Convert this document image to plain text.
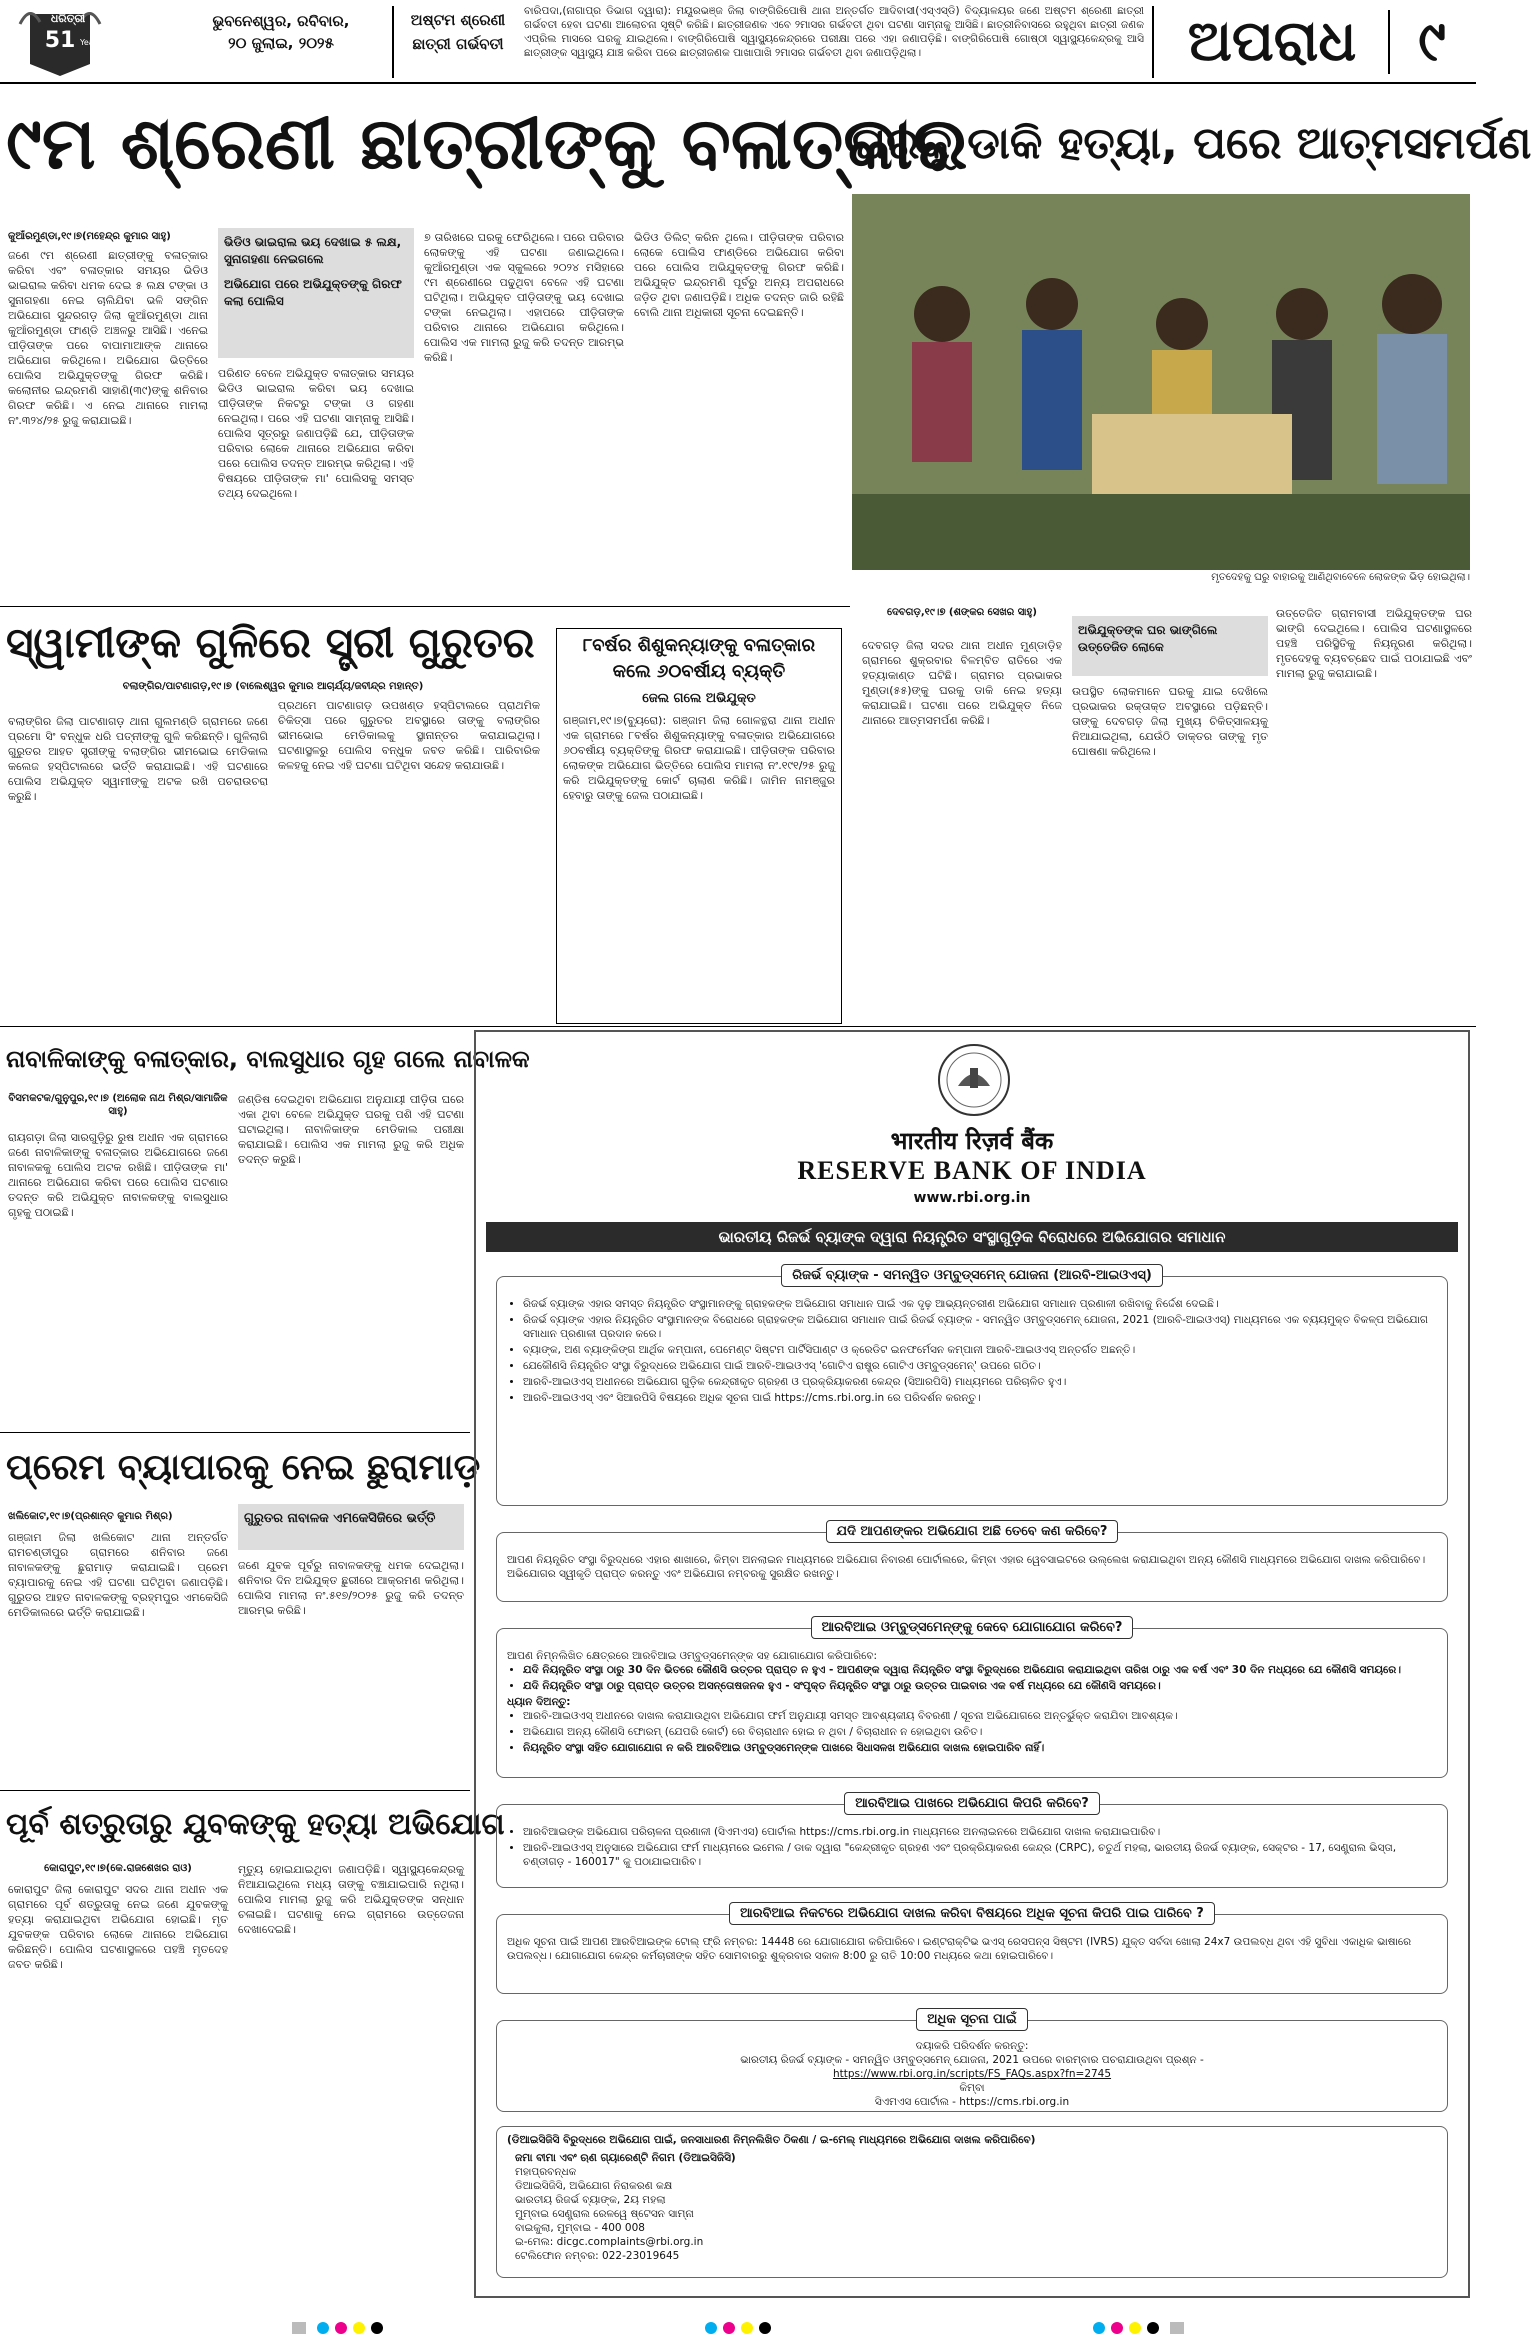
ଧରିତ୍ରୀ
51 Years
ଭୁବନେଶ୍ୱର, ରବିବାର,
୨୦ ଜୁଲାଇ, ୨୦୨୫
ଅଷ୍ଟମ ଶ୍ରେଣୀ
ଛାତ୍ରୀ ଗର୍ଭବତୀ
ବାରିପଦା,(ନାଗାପ୍ର ଡିଭାଗ ଦ୍ୱାରା): ମୟୂରଭଞ୍ଜ ଜିଲା ବାଙ୍ଗିରିପୋଷି ଥାନା ଅନ୍ତର୍ଗତ ଆଦିବାସୀ(ଏସ୍‌ଏସ୍‌ଡି) ବିଦ୍ୟାଳୟର ଜଣେ ଅଷ୍ଟମ ଶ୍ରେଣୀ ଛାତ୍ରୀ ଗର୍ଭବତୀ ହେବା ଘଟଣା ଆଲୋଚନା ସୃଷ୍ଟି କରିଛି। ଛାତ୍ରୀଜଣକ ଏବେ ୨ମାସର ଗର୍ଭବତୀ ଥିବା ଘଟଣା ସାମ୍ନାକୁ ଆସିଛି। ଛାତ୍ରୀନିବାସରେ ରହୁଥିବା ଛାତ୍ରୀ ଜଣକ ଏପ୍ରିଲ ମାସରେ ଘରକୁ ଯାଇଥିଲେ। ବାଙ୍ଗିରିପୋଷି ସ୍ୱାସ୍ଥ୍ୟକେନ୍ଦ୍ରରେ ପରୀକ୍ଷା ପରେ ଏହା ଜଣାପଡ଼ିଛି। ବାଙ୍ଗିରିପୋଷି ଗୋଷ୍ଠୀ ସ୍ୱାସ୍ଥ୍ୟକେନ୍ଦ୍ରକୁ ଆସି ଛାତ୍ରୀଙ୍କ ସ୍ୱାସ୍ଥ୍ୟ ଯାଞ୍ଚ କରିବା ପରେ ଛାତ୍ରୀଜଣକ ପାଖାପାଖି ୨ମାସର ଗର୍ଭବତୀ ଥିବା ଜଣାପଡ଼ିଥିଲା।	ଅପରାଧ	୯
୯ମ ଶ୍ରେଣୀ ଛାତ୍ରୀଙ୍କୁ ବଳାତ୍କାର
କୁଆଁରମୁଣ୍ଡା,୧୯।୭(ମହେନ୍ଦ୍ର କୁମାର ସାହୁ)
ଜଣେ ୯ମ ଶ୍ରେଣୀ ଛାତ୍ରୀଙ୍କୁ ବଳାତ୍କାର କରିବା ଏବଂ ବଳାତ୍କାର ସମୟର ଭିଡିଓ ଭାଇରାଲ କରିବା ଧମକ ଦେଇ ୫ ଲକ୍ଷ ଟଙ୍କା ଓ ସୁନାଗହଣା ନେଇ ଚାଲିଯିବା ଭଳି ସଙ୍ଗିନ ଅଭିଯୋଗ ସୁନ୍ଦରଗଡ଼ ଜିଲା କୁଆଁରମୁଣ୍ଡା ଥାନା କୁଆଁରମୁଣ୍ଡା ଫାଣ୍ଡି ଅଞ୍ଚଳରୁ ଆସିଛି। ଏନେଇ ପୀଡ଼ିତାଙ୍କ ପରେ ବାପାମାଆଙ୍କ ଥାନାରେ ଅଭିଯୋଗ କରିଥିଲେ। ଅଭିଯୋଗ ଭିତ୍ତିରେ ପୋଲିସ ଅଭିଯୁକ୍ତଙ୍କୁ ଗିରଫ କରିଛି। କଲୋନୀର ଇନ୍ଦ୍ରମଣି ସାହାଣି(୩୯)ଙ୍କୁ ଶନିବାର ଗିରଫ କରିଛି। ଏ ନେଇ ଥାନାରେ ମାମଲା ନଂ.୩୨୪/୨୫ ରୁଜୁ କରାଯାଇଛି।
ଭିଡିଓ ଭାଇରାଲ ଭୟ ଦେଖାଇ ୫ ଲକ୍ଷ, ସୁନାଗହଣା ନେଇଗଲେ
ଅଭିଯୋଗ ପରେ ଅଭିଯୁକ୍ତଙ୍କୁ ଗିରଫ କଲା ପୋଲିସ
ପରିଣତ ବେଳେ ଅଭିଯୁକ୍ତ ବଳାତ୍କାର ସମୟର ଭିଡିଓ ଭାଇରାଲ କରିବା ଭୟ ଦେଖାଇ ପୀଡ଼ିତାଙ୍କ ନିକଟରୁ ଟଙ୍କା ଓ ଗହଣା ନେଇଥିଲା। ପରେ ଏହି ଘଟଣା ସାମ୍ନାକୁ ଆସିଛି। ପୋଲିସ ସୂତ୍ରରୁ ଜଣାପଡ଼ିଛି ଯେ, ପୀଡ଼ିତାଙ୍କ ପରିବାର ଲୋକେ ଥାନାରେ ଅଭିଯୋଗ କରିବା ପରେ ପୋଲିସ ତଦନ୍ତ ଆରମ୍ଭ କରିଥିଲା। ଏହି ବିଷୟରେ ପୀଡ଼ିତାଙ୍କ ମା' ପୋଲିସକୁ ସମସ୍ତ ତଥ୍ୟ ଦେଇଥିଲେ।
୭ ତାରିଖରେ ଘରକୁ ଫେରିଥିଲେ। ପରେ ପରିବାର ଲୋକଙ୍କୁ ଏହି ଘଟଣା ଜଣାଇଥିଲେ। କୁଆଁରମୁଣ୍ଡା ଏକ ସ୍କୁଲରେ ୨୦୨୪ ମସିହାରେ ୯ମ ଶ୍ରେଣୀରେ ପଢୁଥିବା ବେଳେ ଏହି ଘଟଣା ଘଟିଥିଲା। ଅଭିଯୁକ୍ତ ପୀଡ଼ିତାଙ୍କୁ ଭୟ ଦେଖାଇ ଟଙ୍କା ନେଇଥିଲା। ଏହାପରେ ପୀଡ଼ିତାଙ୍କ ପରିବାର ଥାନାରେ ଅଭିଯୋଗ କରିଥିଲେ। ପୋଲିସ ଏକ ମାମଲା ରୁଜୁ କରି ତଦନ୍ତ ଆରମ୍ଭ କରିଛି।
ଭିଡିଓ ଡିଲିଟ୍ କରିନ ଥିଲେ। ପୀଡ଼ିତାଙ୍କ ପରିବାର ଲୋକେ ପୋଲିସ ଫାଣ୍ଡିରେ ଅଭିଯୋଗ କରିବା ପରେ ପୋଲିସ ଅଭିଯୁକ୍ତଙ୍କୁ ଗିରଫ କରିଛି। ଅଭିଯୁକ୍ତ ଇନ୍ଦ୍ରମଣି ପୂର୍ବରୁ ଅନ୍ୟ ଅପରାଧରେ ଜଡ଼ିତ ଥିବା ଜଣାପଡ଼ିଛି। ଅଧିକ ତଦନ୍ତ ଜାରି ରହିଛି ବୋଲି ଥାନା ଅଧିକାରୀ ସୂଚନା ଦେଇଛନ୍ତି।
ଘରକୁ ଡାକି ହତ୍ୟା, ପରେ ଆତ୍ମସମର୍ପଣ
ମୃତଦେହକୁ ଘରୁ ବାହାରକୁ ଆଣିଥିବାବେଳେ ଲୋକଙ୍କ ଭିଡ଼ ହୋଇଥିଲା।
ଦେବଗଡ଼,୧୯।୭ (ଶଙ୍କର ସେଖର ସାହୁ)
ଦେବଗଡ଼ ଜିଲା ସଦର ଥାନା ଅଧୀନ ମୁଣ୍ଡାଡ଼ିହ ଗ୍ରାମରେ ଶୁକ୍ରବାର ବିଳମ୍ବିତ ରାତିରେ ଏକ ହତ୍ୟାକାଣ୍ଡ ଘଟିଛି। ଗ୍ରାମର ପ୍ରଭାକର ମୁଣ୍ଡା(୫୫)ଙ୍କୁ ଘରକୁ ଡାକି ନେଇ ହତ୍ୟା କରାଯାଇଛି। ଘଟଣା ପରେ ଅଭିଯୁକ୍ତ ନିଜେ ଥାନାରେ ଆତ୍ମସମର୍ପଣ କରିଛି।
ଅଭିଯୁକ୍ତଙ୍କ ଘର ଭାଙ୍ଗିଲେ ଉତ୍ତେଜିତ ଲୋକେ
ଉପସ୍ଥିତ ଲୋକମାନେ ଘରକୁ ଯାଇ ଦେଖିଲେ ପ୍ରଭାକର ରକ୍ତାକ୍ତ ଅବସ୍ଥାରେ ପଡ଼ିଛନ୍ତି। ତାଙ୍କୁ ଦେବଗଡ଼ ଜିଲା ମୁଖ୍ୟ ଚିକିତ୍ସାଳୟକୁ ନିଆଯାଇଥିଲା, ଯେଉଁଠି ଡାକ୍ତର ତାଙ୍କୁ ମୃତ ଘୋଷଣା କରିଥିଲେ।
ଉତ୍ତେଜିତ ଗ୍ରାମବାସୀ ଅଭିଯୁକ୍ତଙ୍କ ଘର ଭାଙ୍ଗି ଦେଇଥିଲେ। ପୋଲିସ ଘଟଣାସ୍ଥଳରେ ପହଞ୍ଚି ପରିସ୍ଥିତିକୁ ନିୟନ୍ତ୍ରଣ କରିଥିଲା। ମୃତଦେହକୁ ବ୍ୟବଚ୍ଛେଦ ପାଇଁ ପଠାଯାଇଛି ଏବଂ ମାମଲା ରୁଜୁ କରାଯାଇଛି।
ସ୍ୱାମୀଙ୍କ ଗୁଳିରେ ସ୍ତ୍ରୀ ଗୁରୁତର
ବଲାଙ୍ଗିର/ପାଟଣାଗଡ଼,୧୯।୭ (ବାଲେଶ୍ୱର କୁମାର ଆଚାର୍ଯ୍ୟ/ଜବୀନ୍ଦ୍ର ମହାନ୍ତ)
ବଲାଙ୍ଗିର ଜିଲା ପାଟଣାଗଡ଼ ଥାନା ଗୁଲମଣ୍ଡି ଗ୍ରାମରେ ଜଣେ ପ୍ରମୋ ସିଂ ବନ୍ଧୁକ ଧରି ପତ୍ନୀଙ୍କୁ ଗୁଳି କରିଛନ୍ତି। ଗୁଳିଲାଗି ଗୁରୁତର ଆହତ ସ୍ତ୍ରୀଙ୍କୁ ବଲାଙ୍ଗିର ଭୀମଭୋଇ ମେଡିକାଲ କଲେଜ ହସ୍ପିଟାଲରେ ଭର୍ତ୍ତି କରାଯାଇଛି। ଏହି ଘଟଣାରେ ପୋଲିସ ଅଭିଯୁକ୍ତ ସ୍ୱାମୀଙ୍କୁ ଅଟକ ରଖି ପଚରାଉଚରା କରୁଛି।
ପ୍ରଥମେ ପାଟଣାଗଡ଼ ଉପଖଣ୍ଡ ହସ୍ପିଟାଲରେ ପ୍ରାଥମିକ ଚିକିତ୍ସା ପରେ ଗୁରୁତର ଅବସ୍ଥାରେ ତାଙ୍କୁ ବଲାଙ୍ଗିର ଭୀମଭୋଇ ମେଡିକାଲକୁ ସ୍ଥାନାନ୍ତର କରାଯାଇଥିଲା। ଘଟଣାସ୍ଥଳରୁ ପୋଲିସ ବନ୍ଧୁକ ଜବତ କରିଛି। ପାରିବାରିକ କଳହକୁ ନେଇ ଏହି ଘଟଣା ଘଟିଥିବା ସନ୍ଦେହ କରାଯାଉଛି।
୮ବର୍ଷର ଶିଶୁକନ୍ୟାଙ୍କୁ ବଳାତ୍କାର
କଲେ ୬୦ବର୍ଷୀୟ ବ୍ୟକ୍ତି
ଜେଲ ଗଲେ ଅଭିଯୁକ୍ତ
ଗଞ୍ଜାମ,୧୯।୭(ବ୍ୟୁରୋ): ଗଞ୍ଜାମ ଜିଲା ଗୋଳନ୍ଥରା ଥାନା ଅଧୀନ ଏକ ଗ୍ରାମରେ ୮ବର୍ଷର ଶିଶୁକନ୍ୟାଙ୍କୁ ବଳାତ୍କାର ଅଭିଯୋଗରେ ୬୦ବର୍ଷୀୟ ବ୍ୟକ୍ତିଙ୍କୁ ଗିରଫ କରାଯାଇଛି। ପୀଡ଼ିତାଙ୍କ ପରିବାର ଲୋକଙ୍କ ଅଭିଯୋଗ ଭିତ୍ତିରେ ପୋଲିସ ମାମଲା ନଂ.୧୯୧/୨୫ ରୁଜୁ କରି ଅଭିଯୁକ୍ତଙ୍କୁ କୋର୍ଟ ଚାଲାଣ କରିଛି। ଜାମିନ ନାମଞ୍ଜୁର ହେବାରୁ ତାଙ୍କୁ ଜେଲ ପଠାଯାଇଛି।
ନାବାଳିକାଙ୍କୁ ବଳାତ୍କାର, ବାଲସୁଧାର ଗୃହ ଗଲେ ନାବାଳକ
ବିସମକଟକ/ଗୁନୁପୁର,୧୯।୭ (ଅଲୋକ ନାଥ ମିଶ୍ର/ସାମାଜିକ ସାହୁ)
ରାୟଗଡ଼ା ଜିଲା ସାରଗୁଡ଼ିରୁ ରୁଷ ଅଧୀନ ଏକ ଗ୍ରାମରେ ଜଣେ ନାବାଳିକାଙ୍କୁ ବଳାତ୍କାର ଅଭିଯୋଗରେ ଜଣେ ନାବାଳକକୁ ପୋଲିସ ଅଟକ ରଖିଛି। ପୀଡ଼ିତାଙ୍କ ମା' ଥାନାରେ ଅଭିଯୋଗ କରିବା ପରେ ପୋଲିସ ଘଟଣାର ତଦନ୍ତ କରି ଅଭିଯୁକ୍ତ ନାବାଳକଙ୍କୁ ବାଲସୁଧାର ଗୃହକୁ ପଠାଇଛି।
ଜଣ୍ଡିଷ ଦେଇଥିବା ଅଭିଯୋଗ ଅନୁଯାୟୀ ପୀଡ଼ିତା ଘରେ ଏକା ଥିବା ବେଳେ ଅଭିଯୁକ୍ତ ଘରକୁ ପଶି ଏହି ଘଟଣା ଘଟାଇଥିଲା। ନାବାଳିକାଙ୍କ ମେଡିକାଲ ପରୀକ୍ଷା କରାଯାଇଛି। ପୋଲିସ ଏକ ମାମଲା ରୁଜୁ କରି ଅଧିକ ତଦନ୍ତ କରୁଛି।
ପ୍ରେମ ବ୍ୟାପାରକୁ ନେଇ ଛୁରାମାଡ଼
ଖଲିକୋଟ,୧୯।୭(ପ୍ରଶାନ୍ତ କୁମାର ମିଶ୍ର)
ଗଞ୍ଜାମ ଜିଲା ଖଲିକୋଟ ଥାନା ଅନ୍ତର୍ଗତ ରାମଚଣ୍ଡୀପୁର ଗ୍ରାମରେ ଶନିବାର ଜଣେ ନାବାଳକଙ୍କୁ ଛୁରାମାଡ଼ କରାଯାଇଛି। ପ୍ରେମ ବ୍ୟାପାରକୁ ନେଇ ଏହି ଘଟଣା ଘଟିଥିବା ଜଣାପଡ଼ିଛି। ଗୁରୁତର ଆହତ ନାବାଳକଙ୍କୁ ବ୍ରହ୍ମପୁର ଏମକେସିଜି ମେଡିକାଲରେ ଭର୍ତ୍ତି କରାଯାଇଛି।
ଗୁରୁତର ନାବାଳକ ଏମକେସିଜିରେ ଭର୍ତ୍ତି
ଜଣେ ଯୁବକ ପୂର୍ବରୁ ନାବାଳକଙ୍କୁ ଧମକ ଦେଇଥିଲା। ଶନିବାର ଦିନ ଅଭିଯୁକ୍ତ ଛୁରୀରେ ଆକ୍ରମଣ କରିଥିଲା। ପୋଲିସ ମାମଲା ନଂ.୫୧୭/୨୦୨୫ ରୁଜୁ କରି ତଦନ୍ତ ଆରମ୍ଭ କରିଛି।
ପୂର୍ବ ଶତ୍ରୁତାରୁ ଯୁବକଙ୍କୁ ହତ୍ୟା ଅଭିଯୋଗ
କୋରାପୁଟ,୧୯।୭(କେ.ରାଜଶେଖର ରାଓ)
କୋରାପୁଟ ଜିଲା କୋରାପୁଟ ସଦର ଥାନା ଅଧୀନ ଏକ ଗ୍ରାମରେ ପୂର୍ବ ଶତ୍ରୁତାକୁ ନେଇ ଜଣେ ଯୁବକଙ୍କୁ ହତ୍ୟା କରାଯାଇଥିବା ଅଭିଯୋଗ ହୋଇଛି। ମୃତ ଯୁବକଙ୍କ ପରିବାର ଲୋକେ ଥାନାରେ ଅଭିଯୋଗ କରିଛନ୍ତି। ପୋଲିସ ଘଟଣାସ୍ଥଳରେ ପହଞ୍ଚି ମୃତଦେହ ଜବତ କରିଛି।
ମୃତ୍ୟୁ ହୋଇଯାଇଥିବା ଜଣାପଡ଼ିଛି। ସ୍ୱାସ୍ଥ୍ୟକେନ୍ଦ୍ରକୁ ନିଆଯାଇଥିଲେ ମଧ୍ୟ ତାଙ୍କୁ ବଞ୍ଚାଯାଇପାରି ନଥିଲା। ପୋଲିସ ମାମଲା ରୁଜୁ କରି ଅଭିଯୁକ୍ତଙ୍କ ସନ୍ଧାନ ଚଳାଇଛି। ଘଟଣାକୁ ନେଇ ଗ୍ରାମରେ ଉତ୍ତେଜନା ଦେଖାଦେଇଛି।
भारतीय रिज़र्व बैंक
RESERVE BANK OF INDIA
www.rbi.org.in
ଭାରତୀୟ ରିଜର୍ଭ ବ୍ୟାଙ୍କ ଦ୍ୱାରା ନିୟନ୍ତ୍ରିତ ସଂସ୍ଥାଗୁଡ଼ିକ ବିରୋଧରେ ଅଭିଯୋଗର ସମାଧାନ
• ରିଜର୍ଭ ବ୍ୟାଙ୍କ ଏହାର ସମସ୍ତ ନିୟନ୍ତ୍ରିତ ସଂସ୍ଥାମାନଙ୍କୁ ଗ୍ରାହକଙ୍କ ଅଭିଯୋଗ ସମାଧାନ ପାଇଁ ଏକ ଦୃଢ଼ ଆଭ୍ୟନ୍ତରୀଣ ଅଭିଯୋଗ ସମାଧାନ ପ୍ରଣାଳୀ ରଖିବାକୁ ନିର୍ଦ୍ଦେଶ ଦେଇଛି।
• ରିଜର୍ଭ ବ୍ୟାଙ୍କ ଏହାର ନିୟନ୍ତ୍ରିତ ସଂସ୍ଥାମାନଙ୍କ ବିରୋଧରେ ଗ୍ରାହକଙ୍କ ଅଭିଯୋଗ ସମାଧାନ ପାଇଁ ରିଜର୍ଭ ବ୍ୟାଙ୍କ - ସମନ୍ୱିତ ଓମ୍ବୁଡ୍‌ସମେନ୍ ଯୋଜନା, 2021 (ଆରବି-ଆଇଓଏସ୍) ମାଧ୍ୟମରେ ଏକ ବ୍ୟୟମୁକ୍ତ ବିକଳ୍ପ ଅଭିଯୋଗ ସମାଧାନ ପ୍ରଣାଳୀ ପ୍ରଦାନ କରେ।
• ବ୍ୟାଙ୍କ, ଅଣ ବ୍ୟାଙ୍କିଙ୍ଗ ଆର୍ଥିକ କମ୍ପାନୀ, ପେମେଣ୍ଟ ସିଷ୍ଟମ ପାର୍ଟିସିପାଣ୍ଟ ଓ କ୍ରେଡିଟ ଇନଫର୍ମେସନ କମ୍ପାନୀ ଆରବି-ଆଇଓଏସ୍ ଅନ୍ତର୍ଗତ ଅଛନ୍ତି।
• ଯେକୌଣସି ନିୟନ୍ତ୍ରିତ ସଂସ୍ଥା ବିରୁଦ୍ଧରେ ଅଭିଯୋଗ ପାଇଁ ଆରବି-ଆଇଓଏସ୍ 'ଗୋଟିଏ ରାଷ୍ଟ୍ର ଗୋଟିଏ ଓମ୍ବୁଡ୍‌ସମେନ୍' ଉପରେ ଗଠିତ।
• ଆରବି-ଆଇଓଏସ୍ ଅଧୀନରେ ଅଭିଯୋଗ ଗୁଡ଼ିକ କେନ୍ଦ୍ରୀକୃତ ଗ୍ରହଣ ଓ ପ୍ରକ୍ରିୟାକରଣ କେନ୍ଦ୍ର (ସିଆରପିସି) ମାଧ୍ୟମରେ ପରିଚାଳିତ ହୁଏ।
• ଆରବି-ଆଇଓଏସ୍ ଏବଂ ସିଆରପିସି ବିଷୟରେ ଅଧିକ ସୂଚନା ପାଇଁ https://cms.rbi.org.in ରେ ପରିଦର୍ଶନ କରନ୍ତୁ।
ରିଜର୍ଭ ବ୍ୟାଙ୍କ - ସମନ୍ୱିତ ଓମ୍ବୁଡ୍‌ସମେନ୍ ଯୋଜନା (ଆରବି-ଆଇଓଏସ୍)
ଆପଣ ନିୟନ୍ତ୍ରିତ ସଂସ୍ଥା ବିରୁଦ୍ଧରେ ଏହାର ଶାଖାରେ, କିମ୍ବା ଅନଲାଇନ ମାଧ୍ୟମରେ ଅଭିଯୋଗ ନିବାରଣ ପୋର୍ଟାଲରେ, କିମ୍ବା ଏହାର ୱେବସାଇଟରେ ଉଲ୍ଲେଖ କରାଯାଇଥିବା ଅନ୍ୟ କୌଣସି ମାଧ୍ୟମରେ ଅଭିଯୋଗ ଦାଖଲ କରିପାରିବେ। ଅଭିଯୋଗର ସ୍ୱୀକୃତି ପ୍ରାପ୍ତ କରନ୍ତୁ ଏବଂ ଅଭିଯୋଗ ନମ୍ବରକୁ ସୁରକ୍ଷିତ ରଖନ୍ତୁ।
ଯଦି ଆପଣଙ୍କର ଅଭିଯୋଗ ଅଛି ତେବେ କଣ କରିବେ?
ଆପଣ ନିମ୍ନଲିଖିତ କ୍ଷେତ୍ରରେ ଆରବିଆଇ ଓମ୍ବୁଡ୍‌ସମେନ୍‌ଙ୍କ ସହ ଯୋଗାଯୋଗ କରିପାରିବେ:
• ଯଦି ନିୟନ୍ତ୍ରିତ ସଂସ୍ଥା ଠାରୁ 30 ଦିନ ଭିତରେ କୌଣସି ଉତ୍ତର ପ୍ରାପ୍ତ ନ ହୁଏ - ଆପଣଙ୍କ ଦ୍ୱାରା ନିୟନ୍ତ୍ରିତ ସଂସ୍ଥା ବିରୁଦ୍ଧରେ ଅଭିଯୋଗ କରାଯାଇଥିବା ତାରିଖ ଠାରୁ ଏକ ବର୍ଷ ଏବଂ 30 ଦିନ ମଧ୍ୟରେ ଯେ କୌଣସି ସମୟରେ।
• ଯଦି ନିୟନ୍ତ୍ରିତ ସଂସ୍ଥା ଠାରୁ ପ୍ରାପ୍ତ ଉତ୍ତର ଅସନ୍ତୋଷଜନକ ହୁଏ - ସଂପୃକ୍ତ ନିୟନ୍ତ୍ରିତ ସଂସ୍ଥା ଠାରୁ ଉତ୍ତର ପାଇବାର ଏକ ବର୍ଷ ମଧ୍ୟରେ ଯେ କୌଣସି ସମୟରେ।
ଧ୍ୟାନ ଦିଅନ୍ତୁ:
• ଆରବି-ଆଇଓଏସ୍ ଅଧୀନରେ ଦାଖଲ କରାଯାଉଥିବା ଅଭିଯୋଗ ଫର୍ମ ଅନୁଯାୟୀ ସମସ୍ତ ଆବଶ୍ୟକୀୟ ବିବରଣୀ / ସୂଚନା ଅଭିଯୋଗରେ ଅନ୍ତର୍ଭୁକ୍ତ କରାଯିବା ଆବଶ୍ୟକ।
• ଅଭିଯୋଗ ଅନ୍ୟ କୌଣସି ଫୋରମ୍ (ଯେପରି କୋର୍ଟ) ରେ ବିଚାରାଧୀନ ହୋଇ ନ ଥିବା / ବିଚାରାଧୀନ ନ ହୋଇଥିବା ଉଚିତ।
• ନିୟନ୍ତ୍ରିତ ସଂସ୍ଥା ସହିତ ଯୋଗାଯୋଗ ନ କରି ଆରବିଆଇ ଓମ୍ବୁଡ୍‌ସମେନ୍‌ଙ୍କ ପାଖରେ ସିଧାସଳଖ ଅଭିଯୋଗ ଦାଖଲ ହୋଇପାରିବ ନାହିଁ।
ଆରବିଆଇ ଓମ୍ବୁଡ୍‌ସମେନ୍‌ଙ୍କୁ କେବେ ଯୋଗାଯୋଗ କରିବେ?
• ଆରବିଆଇଙ୍କ ଅଭିଯୋଗ ପରିଚାଳନା ପ୍ରଣାଳୀ (ସିଏମଏସ) ପୋର୍ଟାଲ https://cms.rbi.org.in ମାଧ୍ୟମରେ ଅନଲାଇନରେ ଅଭିଯୋଗ ଦାଖଲ କରାଯାଇପାରିବ।
• ଆରବି-ଆଇଓଏସ୍ ଅନୁସାରେ ଅଭିଯୋଗ ଫର୍ମ ମାଧ୍ୟମରେ ଇମେଲ / ଡାକ ଦ୍ୱାରା "କେନ୍ଦ୍ରୀକୃତ ଗ୍ରହଣ ଏବଂ ପ୍ରକ୍ରିୟାକରଣ କେନ୍ଦ୍ର (CRPC), ଚତୁର୍ଥ ମହଲା, ଭାରତୀୟ ରିଜର୍ଭ ବ୍ୟାଙ୍କ, ସେକ୍ଟର - 17, ସେଣ୍ଟ୍ରାଲ ଭିସ୍ତା, ଚଣ୍ଡୀଗଡ଼ - 160017" କୁ ପଠାଯାଇପାରିବ।
ଆରବିଆଇ ପାଖରେ ଅଭିଯୋଗ କିପରି କରିବେ?
ଅଧିକ ସୂଚନା ପାଇଁ ଆପଣ ଆରବିଆଇଙ୍କ ଟୋଲ୍ ଫ୍ରି ନମ୍ବର: 14448 ରେ ଯୋଗାଯୋଗ କରିପାରିବେ। ଇଣ୍ଟରାକ୍ଟିଭ ଭଏସ୍ ରେସପନ୍ସ ସିଷ୍ଟମ (IVRS) ଯୁକ୍ତ ସର୍ବଦା ଖୋଲା 24x7 ଉପଲବ୍ଧ ଥିବା ଏହି ସୁବିଧା ଏକାଧିକ ଭାଷାରେ ଉପଲବ୍ଧ। ଯୋଗାଯୋଗ କେନ୍ଦ୍ର କର୍ମଚାରୀଙ୍କ ସହିତ ସୋମବାରରୁ ଶୁକ୍ରବାର ସକାଳ 8:00 ରୁ ରାତି 10:00 ମଧ୍ୟରେ କଥା ହୋଇପାରିବେ।
ଆରବିଆଇ ନିକଟରେ ଅଭିଯୋଗ ଦାଖଲ କରିବା ବିଷୟରେ ଅଧିକ ସୂଚନା କିପରି ପାଇ ପାରିବେ ?
ଦୟାକରି ପରିଦର୍ଶନ କରନ୍ତୁ:
ଭାରତୀୟ ରିଜର୍ଭ ବ୍ୟାଙ୍କ - ସମନ୍ୱିତ ଓମ୍ବୁଡ୍‌ସମେନ୍ ଯୋଜନା, 2021 ଉପରେ ବାରମ୍ବାର ପଚରାଯାଉଥିବା ପ୍ରଶ୍ନ -
https://www.rbi.org.in/scripts/FS_FAQs.aspx?fn=2745
କିମ୍ବା
ସିଏମଏସ ପୋର୍ଟାଲ - https://cms.rbi.org.in
ଅଧିକ ସୂଚନା ପାଇଁ
(ଡିଆଇସିଜିସି ବିରୁଦ୍ଧରେ ଅଭିଯୋଗ ପାଇଁ, ଜନସାଧାରଣ ନିମ୍ନଲିଖିତ ଠିକଣା / ଇ-ମେଲ୍ ମାଧ୍ୟମରେ ଅଭିଯୋଗ ଦାଖଲ କରିପାରିବେ)
ଜମା ବୀମା ଏବଂ ଋଣ ଗ୍ୟାରେଣ୍ଟି ନିଗମ (ଡିଆଇସିଜିସି)
ମହାପ୍ରବନ୍ଧକ
ଡିଆଇସିଜିସି, ଅଭିଯୋଗ ନିରାକରଣ କକ୍ଷ
ଭାରତୀୟ ରିଜର୍ଭ ବ୍ୟାଙ୍କ, 2ୟ ମହଲା
ମୁମ୍ବାଇ ସେଣ୍ଟ୍ରାଲ ରେଳୱେ ଷ୍ଟେସନ ସାମ୍ନା
ବାଇକୁଲା, ମୁମ୍ବାଇ - 400 008
ଇ-ମେଲ: dicgc.complaints@rbi.org.in
ଟେଲିଫୋନ ନମ୍ବର: 022-23019645
